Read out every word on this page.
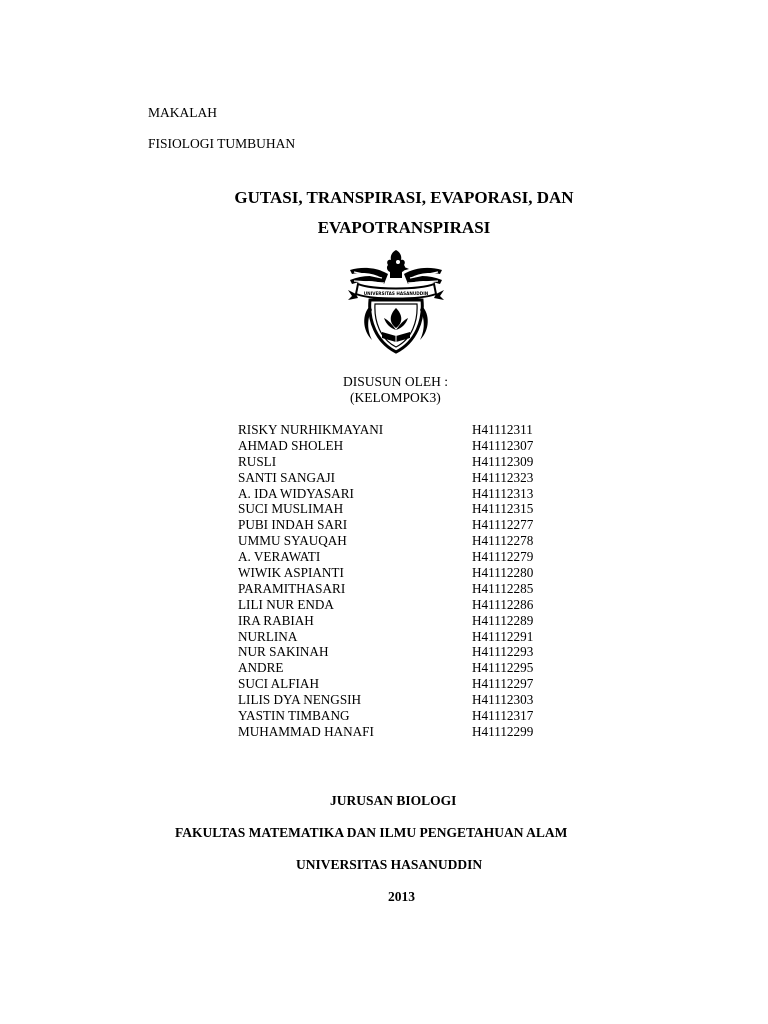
MAKALAH
FISIOLOGI TUMBUHAN
GUTASI, TRANSPIRASI, EVAPORASI, DAN
EVAPOTRANSPIRASI
UNIVERSITAS HASANUDDIN
DISUSUN OLEH :
(KELOMPOK3)
RISKY NURHIKMAYANI	H41112311
AHMAD SHOLEH	H41112307
RUSLI	H41112309
SANTI SANGAJI	H41112323
A. IDA WIDYASARI	H41112313
SUCI MUSLIMAH	H41112315
PUBI INDAH SARI	H41112277
UMMU SYAUQAH	H41112278
A. VERAWATI	H41112279
WIWIK ASPIANTI	H41112280
PARAMITHASARI	H41112285
LILI NUR ENDA	H41112286
IRA RABIAH	H41112289
NURLINA	H41112291
NUR SAKINAH	H41112293
ANDRE	H41112295
SUCI ALFIAH	H41112297
LILIS DYA NENGSIH	H41112303
YASTIN TIMBANG	H41112317
MUHAMMAD HANAFI	H41112299
JURUSAN BIOLOGI
FAKULTAS MATEMATIKA DAN ILMU PENGETAHUAN ALAM
UNIVERSITAS HASANUDDIN
2013
